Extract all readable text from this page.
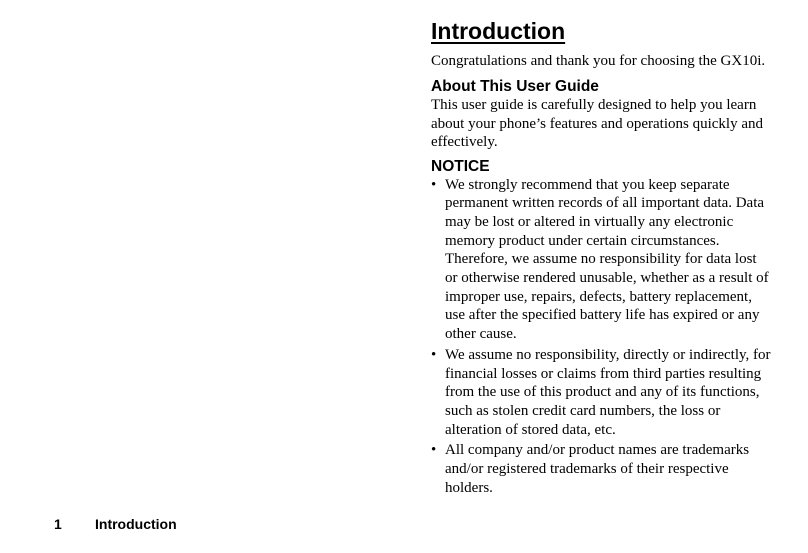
Introduction

Congratulations and thank you for choosing the GX10i.

About This User Guide

This user guide is carefully designed to help you learn about your phone’s features and operations quickly and effectively.

NOTICE
• We strongly recommend that you keep separate permanent written records of all important data. Data may be lost or altered in virtually any electronic memory product under certain circumstances. Therefore, we assume no responsibility for data lost or otherwise rendered unusable, whether as a result of improper use, repairs, defects, battery replacement, use after the specified battery life has expired or any other cause.
• We assume no responsibility, directly or indirectly, for financial losses or claims from third parties resulting from the use of this product and any of its functions, such as stolen credit card numbers, the loss or alteration of stored data, etc.
• All company and/or product names are trademarks and/or registered trademarks of their respective holders.
1 Introduction
